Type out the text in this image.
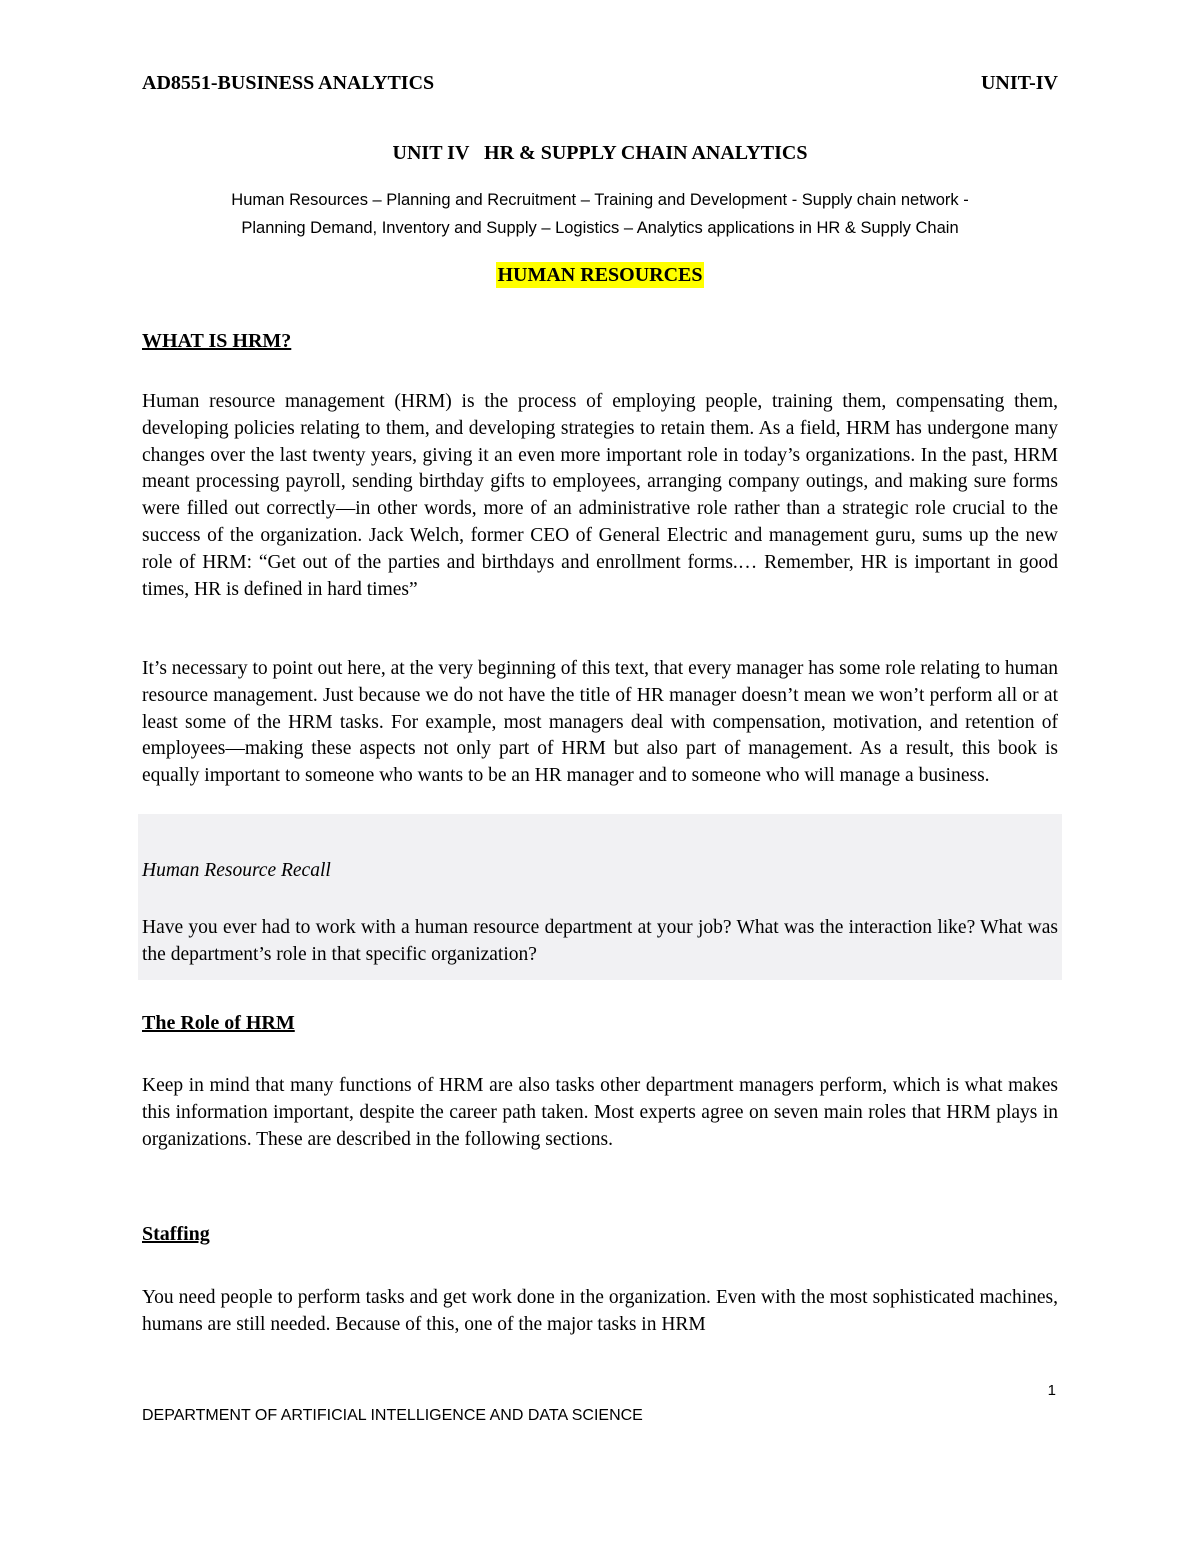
AD8551-BUSINESS ANALYTICS	UNIT-IV
UNIT IV   HR & SUPPLY CHAIN ANALYTICS
Human Resources – Planning and Recruitment – Training and Development - Supply chain network -
Planning Demand, Inventory and Supply – Logistics – Analytics applications in HR & Supply Chain
HUMAN RESOURCES
WHAT IS HRM?

Human resource management (HRM) is the process of employing people, training them, compensating them, developing policies relating to them, and developing strategies to retain them. As a field, HRM has undergone many changes over the last twenty years, giving it an even more important role in today’s organizations. In the past, HRM meant processing payroll, sending birthday gifts to employees, arranging company outings, and making sure forms were filled out correctly—in other words, more of an administrative role rather than a strategic role crucial to the success of the organization. Jack Welch, former CEO of General Electric and management guru, sums up the new role of HRM: “Get out of the parties and birthdays and enrollment forms.… Remember, HR is important in good times, HR is defined in hard times”

It’s necessary to point out here, at the very beginning of this text, that every manager has some role relating to human resource management. Just because we do not have the title of HR manager doesn’t mean we won’t perform all or at least some of the HRM tasks. For example, most managers deal with compensation, motivation, and retention of employees—making these aspects not only part of HRM but also part of management. As a result, this book is equally important to someone who wants to be an HR manager and to someone who will manage a business.

Human Resource Recall

Have you ever had to work with a human resource department at your job? What was the interaction like? What was the department’s role in that specific organization?

The Role of HRM

Keep in mind that many functions of HRM are also tasks other department managers perform, which is what makes this information important, despite the career path taken. Most experts agree on seven main roles that HRM plays in organizations. These are described in the following sections.

Staffing

You need people to perform tasks and get work done in the organization. Even with the most sophisticated machines, humans are still needed. Because of this, one of the major tasks in HRM

1
DEPARTMENT OF ARTIFICIAL INTELLIGENCE AND DATA SCIENCE
